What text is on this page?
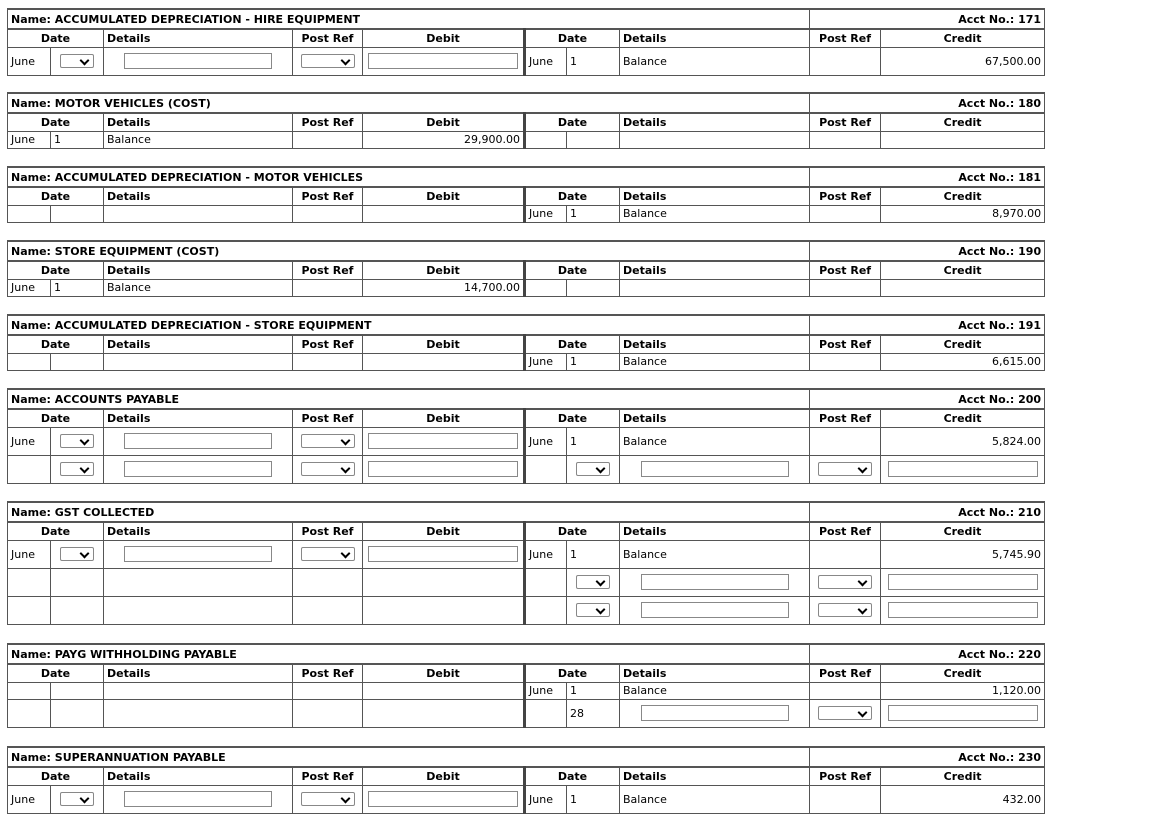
Name: ACCUMULATED DEPRECIATION - HIRE EQUIPMENT								Acct No.: 171	
Date		Details	Post Ref	Debit	Date		Details	Post Ref	Credit
June					June	1	Balance		67,500.00
Name: MOTOR VEHICLES (COST)								Acct No.: 180	
Date		Details	Post Ref	Debit	Date		Details	Post Ref	Credit
June	1	Balance		29,900.00					
Name: ACCUMULATED DEPRECIATION - MOTOR VEHICLES								Acct No.: 181	
Date		Details	Post Ref	Debit	Date		Details	Post Ref	Credit
					June	1	Balance		8,970.00
Name: STORE EQUIPMENT (COST)								Acct No.: 190	
Date		Details	Post Ref	Debit	Date		Details	Post Ref	Credit
June	1	Balance		14,700.00					
Name: ACCUMULATED DEPRECIATION - STORE EQUIPMENT								Acct No.: 191	
Date		Details	Post Ref	Debit	Date		Details	Post Ref	Credit
					June	1	Balance		6,615.00
Name: ACCOUNTS PAYABLE								Acct No.: 200	
Date		Details	Post Ref	Debit	Date		Details	Post Ref	Credit
June					June	1	Balance		5,824.00

Name: GST COLLECTED								Acct No.: 210	
Date		Details	Post Ref	Debit	Date		Details	Post Ref	Credit
June					June	1	Balance		5,745.90

Name: PAYG WITHHOLDING PAYABLE								Acct No.: 220	
Date		Details	Post Ref	Debit	Date		Details	Post Ref	Credit
					June	1	Balance		1,120.00
						28			
Name: SUPERANNUATION PAYABLE								Acct No.: 230	
Date		Details	Post Ref	Debit	Date		Details	Post Ref	Credit
June					June	1	Balance		432.00
